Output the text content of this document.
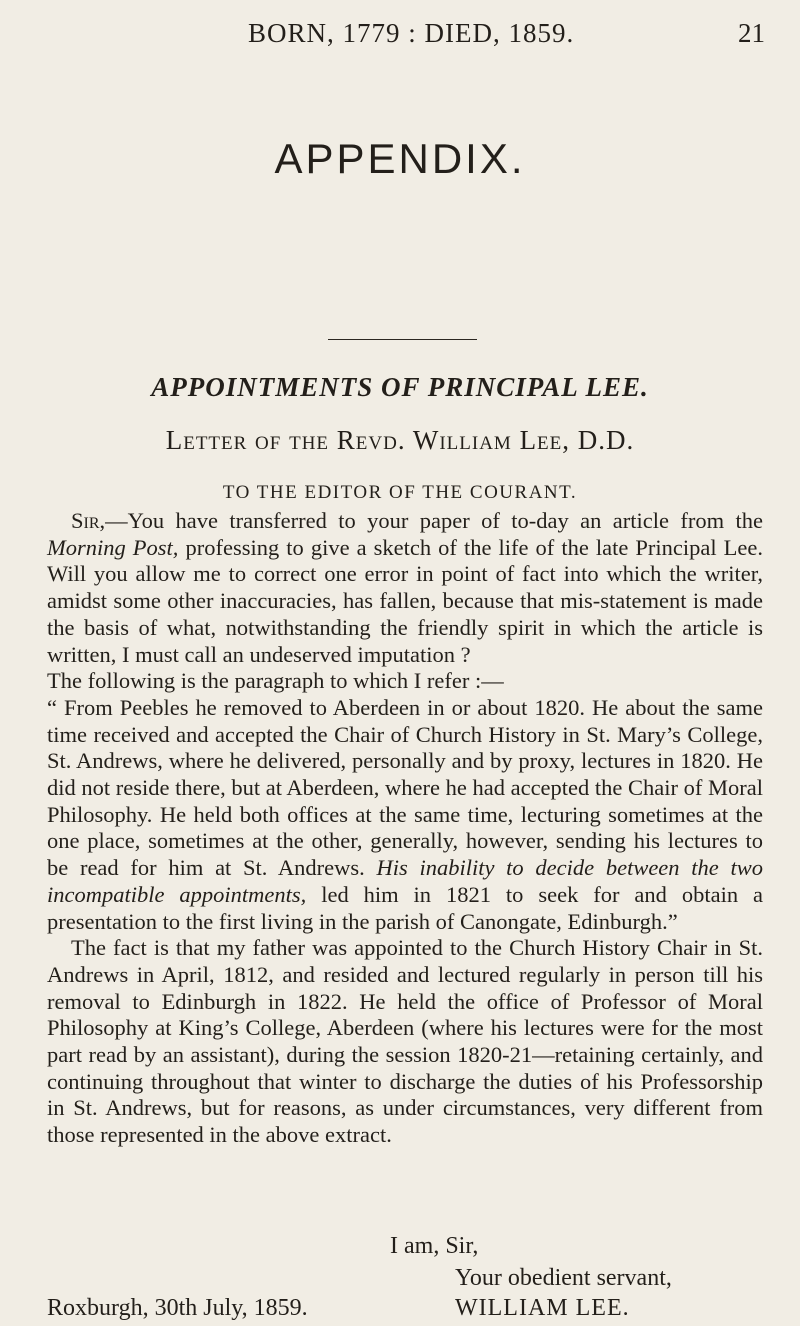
BORN, 1779 : DIED, 1859.	21
APPENDIX.
APPOINTMENTS OF PRINCIPAL LEE.
Letter of the Revd. William Lee, D.D.
TO THE EDITOR OF THE COURANT.

Sir,—You have transferred to your paper of to-day an article from the Morning Post, professing to give a sketch of the life of the late Principal Lee. Will you allow me to correct one error in point of fact into which the writer, amidst some other inaccuracies, has fallen, because that mis-statement is made the basis of what, notwithstanding the friendly spirit in which the article is written, I must call an undeserved imputation ?

The following is the paragraph to which I refer :—

“ From Peebles he removed to Aberdeen in or about 1820. He about the same time received and accepted the Chair of Church History in St. Mary’s College, St. Andrews, where he delivered, personally and by proxy, lectures in 1820. He did not reside there, but at Aberdeen, where he had accepted the Chair of Moral Philosophy. He held both offices at the same time, lecturing sometimes at the one place, sometimes at the other, generally, however, sending his lectures to be read for him at St. Andrews. His inability to decide between the two incompatible appointments, led him in 1821 to seek for and obtain a presentation to the first living in the parish of Canongate, Edinburgh.”

The fact is that my father was appointed to the Church History Chair in St. Andrews in April, 1812, and resided and lectured regularly in person till his removal to Edinburgh in 1822. He held the office of Professor of Moral Philosophy at King’s College, Aberdeen (where his lectures were for the most part read by an assistant), during the session 1820-21—retaining certainly, and continuing throughout that winter to discharge the duties of his Professorship in St. Andrews, but for reasons, as under circumstances, very different from those represented in the above extract.

I am, Sir,
Your obedient servant,
Roxburgh, 30th July, 1859.	WILLIAM LEE.
